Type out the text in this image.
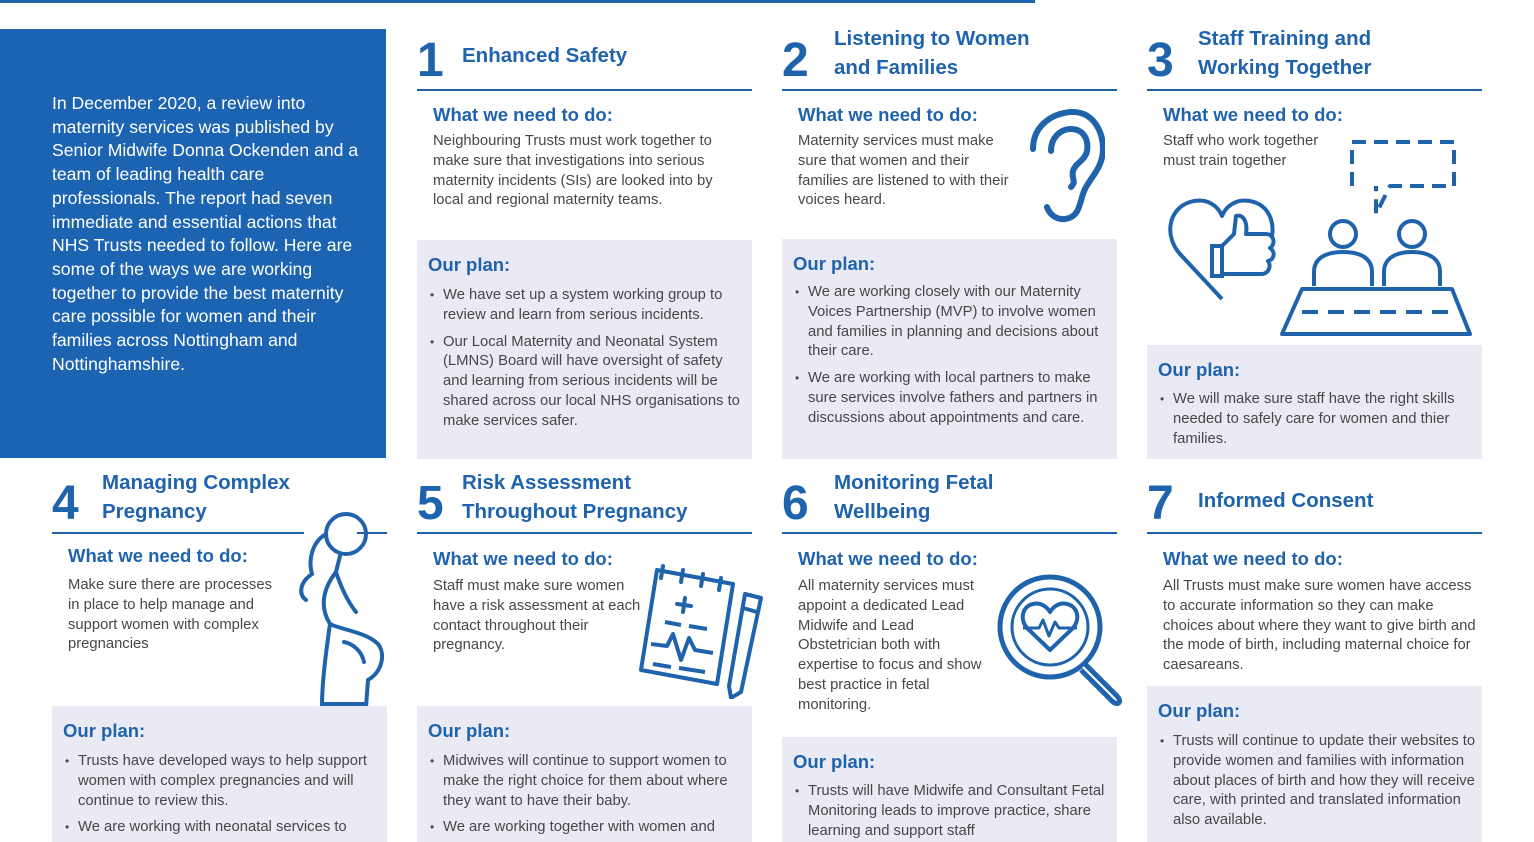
In December 2020, a review into maternity services was published by Senior Midwife Donna Ockenden and a team of leading health care professionals. The report had seven immediate and essential actions that NHS Trusts needed to follow. Here are some of the ways we are working together to provide the best maternity care possible for women and their families across Nottingham and Nottinghamshire.

1 Enhanced Safety
What we need to do:
Neighbouring Trusts must work together to make sure that investigations into serious maternity incidents (SIs) are looked into by local and regional maternity teams.
Our plan:
• We have set up a system working group to review and learn from serious incidents.
• Our Local Maternity and Neonatal System (LMNS) Board will have oversight of safety and learning from serious incidents will be shared across our local NHS organisations to make services safer.
2 Listening to Women
and Families
What we need to do:
Maternity services must make sure that women and their families are listened to with their voices heard.
Our plan:
• We are working closely with our Maternity Voices Partnership (MVP) to involve women and families in planning and decisions about their care.
• We are working with local partners to make sure services involve fathers and partners in discussions about appointments and care.
3 Staff Training and
Working Together
What we need to do:
Staff who work together must train together
Our plan:
• We will make sure staff have the right skills needed to safely care for women and thier families.
4 Managing Complex
Pregnancy
What we need to do:
Make sure there are processes in place to help manage and support women with complex pregnancies
Our plan:
• Trusts have developed ways to help support women with complex pregnancies and will continue to review this.
• We are working with neonatal services to
5 Risk Assessment
Throughout Pregnancy
What we need to do:
Staff must make sure women have a risk assessment at each contact throughout their pregnancy.
Our plan:
• Midwives will continue to support women to make the right choice for them about where they want to have their baby.
• We are working together with women and
6 Monitoring Fetal
Wellbeing
What we need to do:
All maternity services must appoint a dedicated Lead Midwife and Lead Obstetrician both with expertise to focus and show best practice in fetal monitoring.
Our plan:
• Trusts will have Midwife and Consultant Fetal Monitoring leads to improve practice, share learning and support staff
7 Informed Consent
What we need to do:
All Trusts must make sure women have access to accurate information so they can make choices about where they want to give birth and the mode of birth, including maternal choice for caesareans.
Our plan:
• Trusts will continue to update their websites to provide women and families with information about places of birth and how they will receive care, with printed and translated information also available.
